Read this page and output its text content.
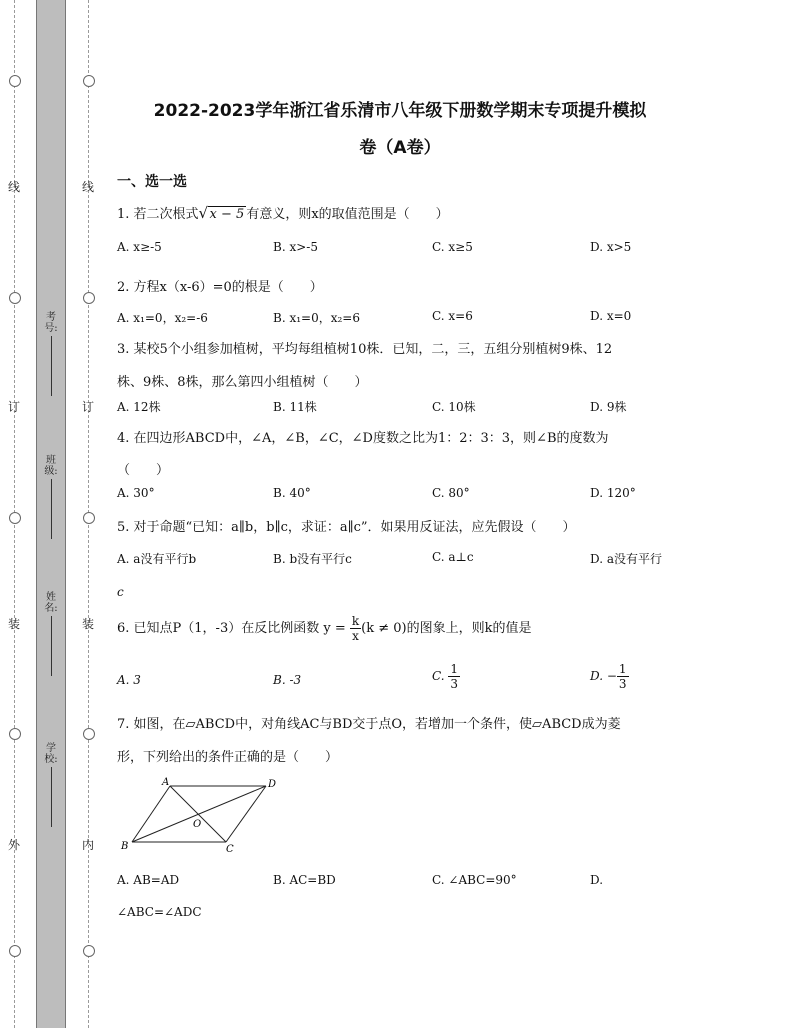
线
订
装
外
线
订
装
内
考号:
班级:
姓名:
学校:
2022-2023学年浙江省乐清市八年级下册数学期末专项提升模拟
卷（A卷）
一、选一选
1. 若二次根式 √ x − 5 有意义，则x的取值范围是（　　）
A. x≥-5	B. x>-5	C. x≥5	D. x>5
2. 方程x（x-6）=0的根是（　　）
A. x₁=0，x₂=-6	B. x₁=0，x₂=6	C. x=6	D. x=0
3. 某校5个小组参加植树，平均每组植树10株．已知，二，三，五组分别植树9株、12
株、9株、8株，那么第四小组植树（　　）
A. 12株	B. 11株	C. 10株	D. 9株
4. 在四边形ABCD中，∠A，∠B，∠C，∠D度数之比为1：2：3：3，则∠B的度数为
（　　）
A. 30°	B. 40°	C. 80°	D. 120°
5. 对于命题“已知：a∥b，b∥c，求证：a∥c”．如果用反证法，应先假设（　　）
A. a没有平行b	B. b没有平行c	C. a⊥c	D. a没有平行
c
6. 已知点P（1，-3）在反比例函数 $y = \frac{k}{x} (k \ne 0)$的图象上，则k的值是
A. 3	B. -3	C. $\frac{1}{3}$	D. − $\frac{1}{3}$
7. 如图，在▱ABCD中，对角线AC与BD交于点O，若增加一个条件，使▱ABCD成为菱
形，下列给出的条件正确的是（　　）
A	D
B	C
O
A. AB=AD	B. AC=BD	C. ∠ABC=90°	D.
∠ABC=∠ADC
